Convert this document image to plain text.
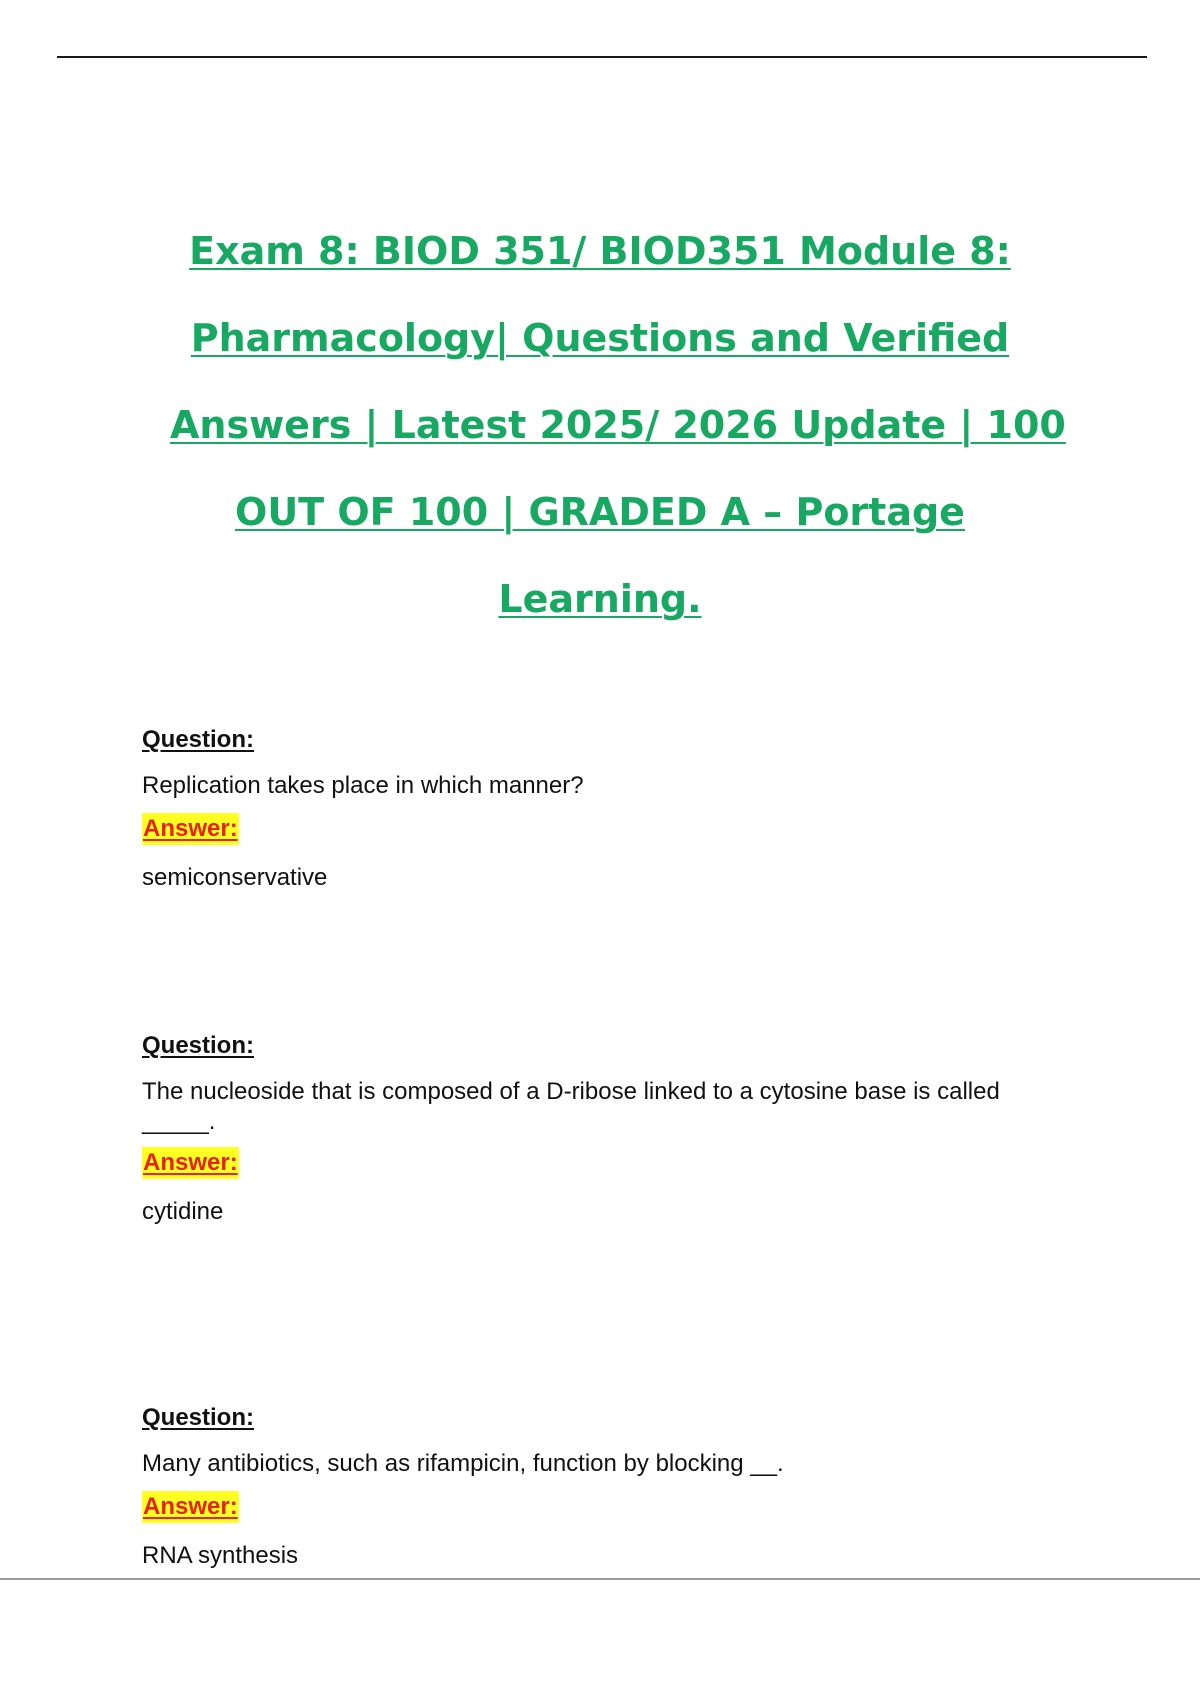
Exam 8: BIOD 351/ BIOD351 Module 8:
Pharmacology| Questions and Verified
Answers | Latest 2025/ 2026 Update | 100
OUT OF 100 | GRADED A – Portage
Learning.
Question:
Replication takes place in which manner?
Answer:
semiconservative
Question:
The nucleoside that is composed of a D-ribose linked to a cytosine base is called
_____.
Answer:
cytidine
Question:
Many antibiotics, such as rifampicin, function by blocking __.
Answer:
RNA synthesis
